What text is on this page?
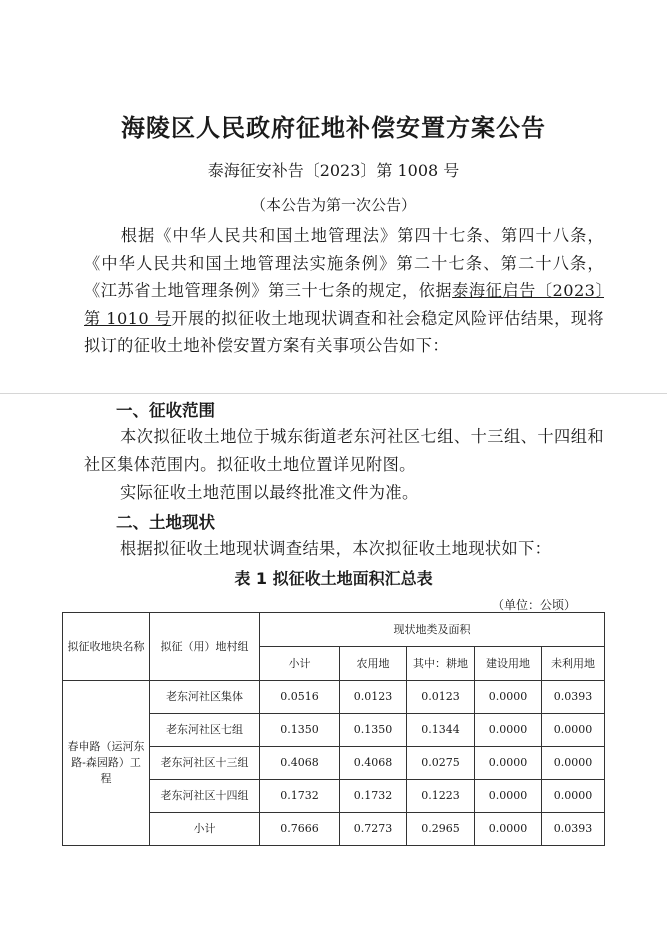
海陵区人民政府征地补偿安置方案公告
泰海征安补告〔2023〕第 1008 号
（本公告为第一次公告）

根据《中华人民共和国土地管理法》第四十七条、第四十八条，《中华人民共和国土地管理法实施条例》第二十七条、第二十八条，《江苏省土地管理条例》第三十七条的规定，依据泰海征启告〔2023〕第 1010 号开展的拟征收土地现状调查和社会稳定风险评估结果，现将拟订的征收土地补偿安置方案有关事项公告如下：

一、征收范围

本次拟征收土地位于城东街道老东河社区七组、十三组、十四组和社区集体范围内。拟征收土地位置详见附图。

实际征收土地范围以最终批准文件为准。

二、土地现状

根据拟征收土地现状调查结果，本次拟征收土地现状如下：

表 1 拟征收土地面积汇总表
（单位：公顷）
拟征收地块名称	拟征（用）地村组	现状地类及面积				
		小计	农用地	其中：耕地	建设用地	未利用地
春申路（运河东路-森园路）工程	老东河社区集体	0.0516	0.0123	0.0123	0.0000	0.0393
	老东河社区七组	0.1350	0.1350	0.1344	0.0000	0.0000
	老东河社区十三组	0.4068	0.4068	0.0275	0.0000	0.0000
	老东河社区十四组	0.1732	0.1732	0.1223	0.0000	0.0000
	小计	0.7666	0.7273	0.2965	0.0000	0.0393
